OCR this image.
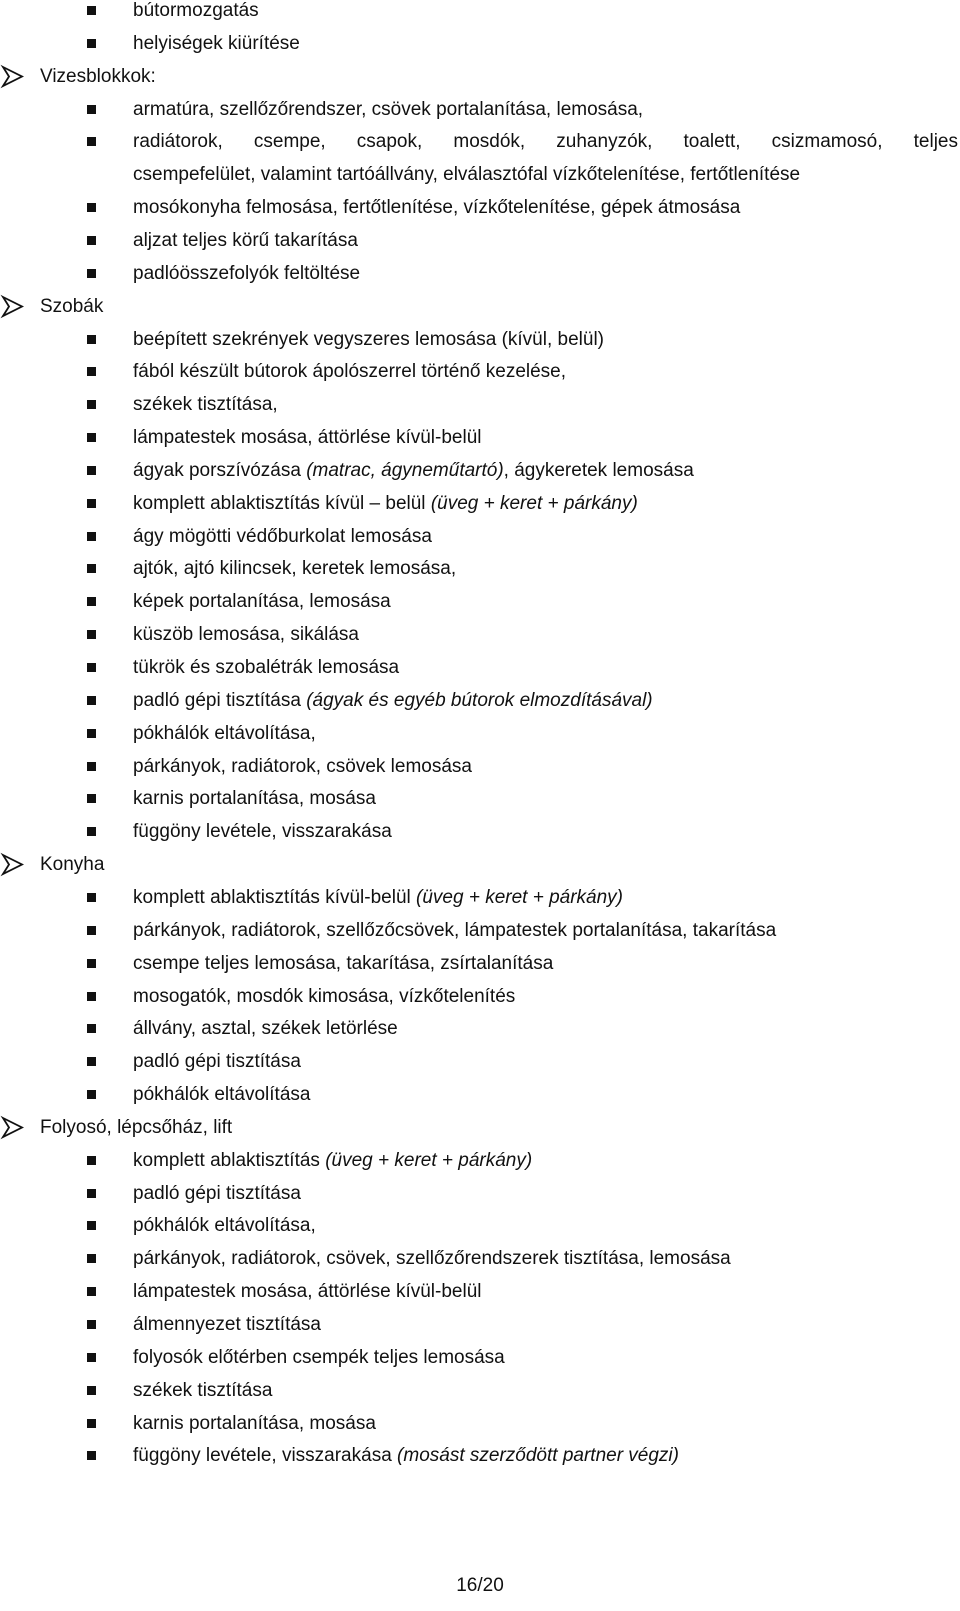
bútormozgatás
helyiségek kiürítése
Vizesblokkok:
armatúra, szellőzőrendszer, csövek portalanítása, lemosása,
radiátorok, csempe, csapok, mosdók, zuhanyzók, toalett, csizmamosó, teljes
csempefelület, valamint tartóállvány, elválasztófal vízkőtelenítése, fertőtlenítése
mosókonyha felmosása, fertőtlenítése, vízkőtelenítése, gépek átmosása
aljzat teljes körű takarítása
padlóösszefolyók feltöltése
Szobák
beépített szekrények vegyszeres lemosása (kívül, belül)
fából készült bútorok ápolószerrel történő kezelése,
székek tisztítása,
lámpatestek mosása, áttörlése kívül-belül
ágyak porszívózása (matrac, ágyneműtartó), ágykeretek lemosása
komplett ablaktisztítás kívül – belül (üveg + keret + párkány)
ágy mögötti védőburkolat lemosása
ajtók, ajtó kilincsek, keretek lemosása,
képek portalanítása, lemosása
küszöb lemosása, sikálása
tükrök és szobalétrák lemosása
padló gépi tisztítása (ágyak és egyéb bútorok elmozdításával)
pókhálók eltávolítása,
párkányok, radiátorok, csövek lemosása
karnis portalanítása, mosása
függöny levétele, visszarakása
Konyha
komplett ablaktisztítás kívül-belül (üveg + keret + párkány)
párkányok, radiátorok, szellőzőcsövek, lámpatestek portalanítása, takarítása
csempe teljes lemosása, takarítása, zsírtalanítása
mosogatók, mosdók kimosása, vízkőtelenítés
állvány, asztal, székek letörlése
padló gépi tisztítása
pókhálók eltávolítása
Folyosó, lépcsőház, lift
komplett ablaktisztítás (üveg + keret + párkány)
padló gépi tisztítása
pókhálók eltávolítása,
párkányok, radiátorok, csövek, szellőzőrendszerek tisztítása, lemosása
lámpatestek mosása, áttörlése kívül-belül
álmennyezet tisztítása
folyosók előtérben csempék teljes lemosása
székek tisztítása
karnis portalanítása, mosása
függöny levétele, visszarakása (mosást szerződött partner végzi)
16/20
